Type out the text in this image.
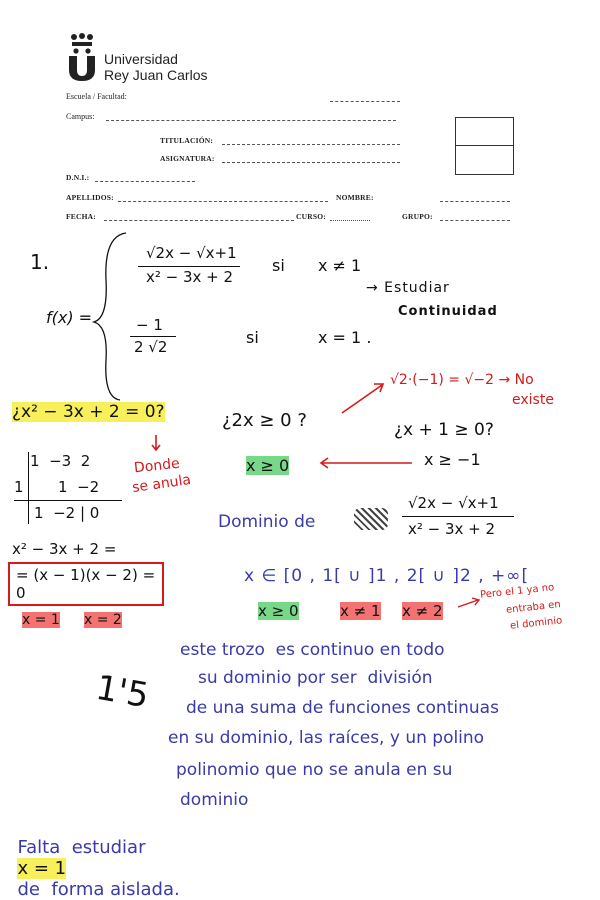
Universidad
Rey Juan Carlos
Escuela / Facultad:
Campus:
TITULACIÓN:
ASIGNATURA:
D.N.I.:
APELLIDOS:	NOMBRE:
FECHA:	CURSO:	GRUPO:
1.
f(x) =
√2x − √x+1
x² − 3x + 2
si x ≠ 1
− 1
2 √2	si	x = 1 .
→ Estudiar
Continuidad
¿x² − 3x + 2 = 0?
Donde
se anula
1  −3  2
1 1  −2
1  −2 | 0
x² − 3x + 2 =
= (x − 1)(x − 2) = 0
x = 1 x = 2
¿2x ≥ 0 ?
x ≥ 0
√2·(−1) = √−2 → No
existe
¿x + 1 ≥ 0?
x ≥ −1
Dominio de
√2x − √x+1
x² − 3x + 2
x ∈ [0 , 1[ ∪ ]1 , 2[ ∪ ]2 , +∞[
x ≥ 0	x ≠ 1 x ≠ 2
Pero el 1 ya no
entraba en
el dominio
1'5
este trozo  es continuo en todo
su dominio por ser  división
de una suma de funciones continuas
en su dominio, las raíces, y un polino
polinomio que no se anula en su
dominio

Falta  estudiar
x = 1
de  forma aislada.
